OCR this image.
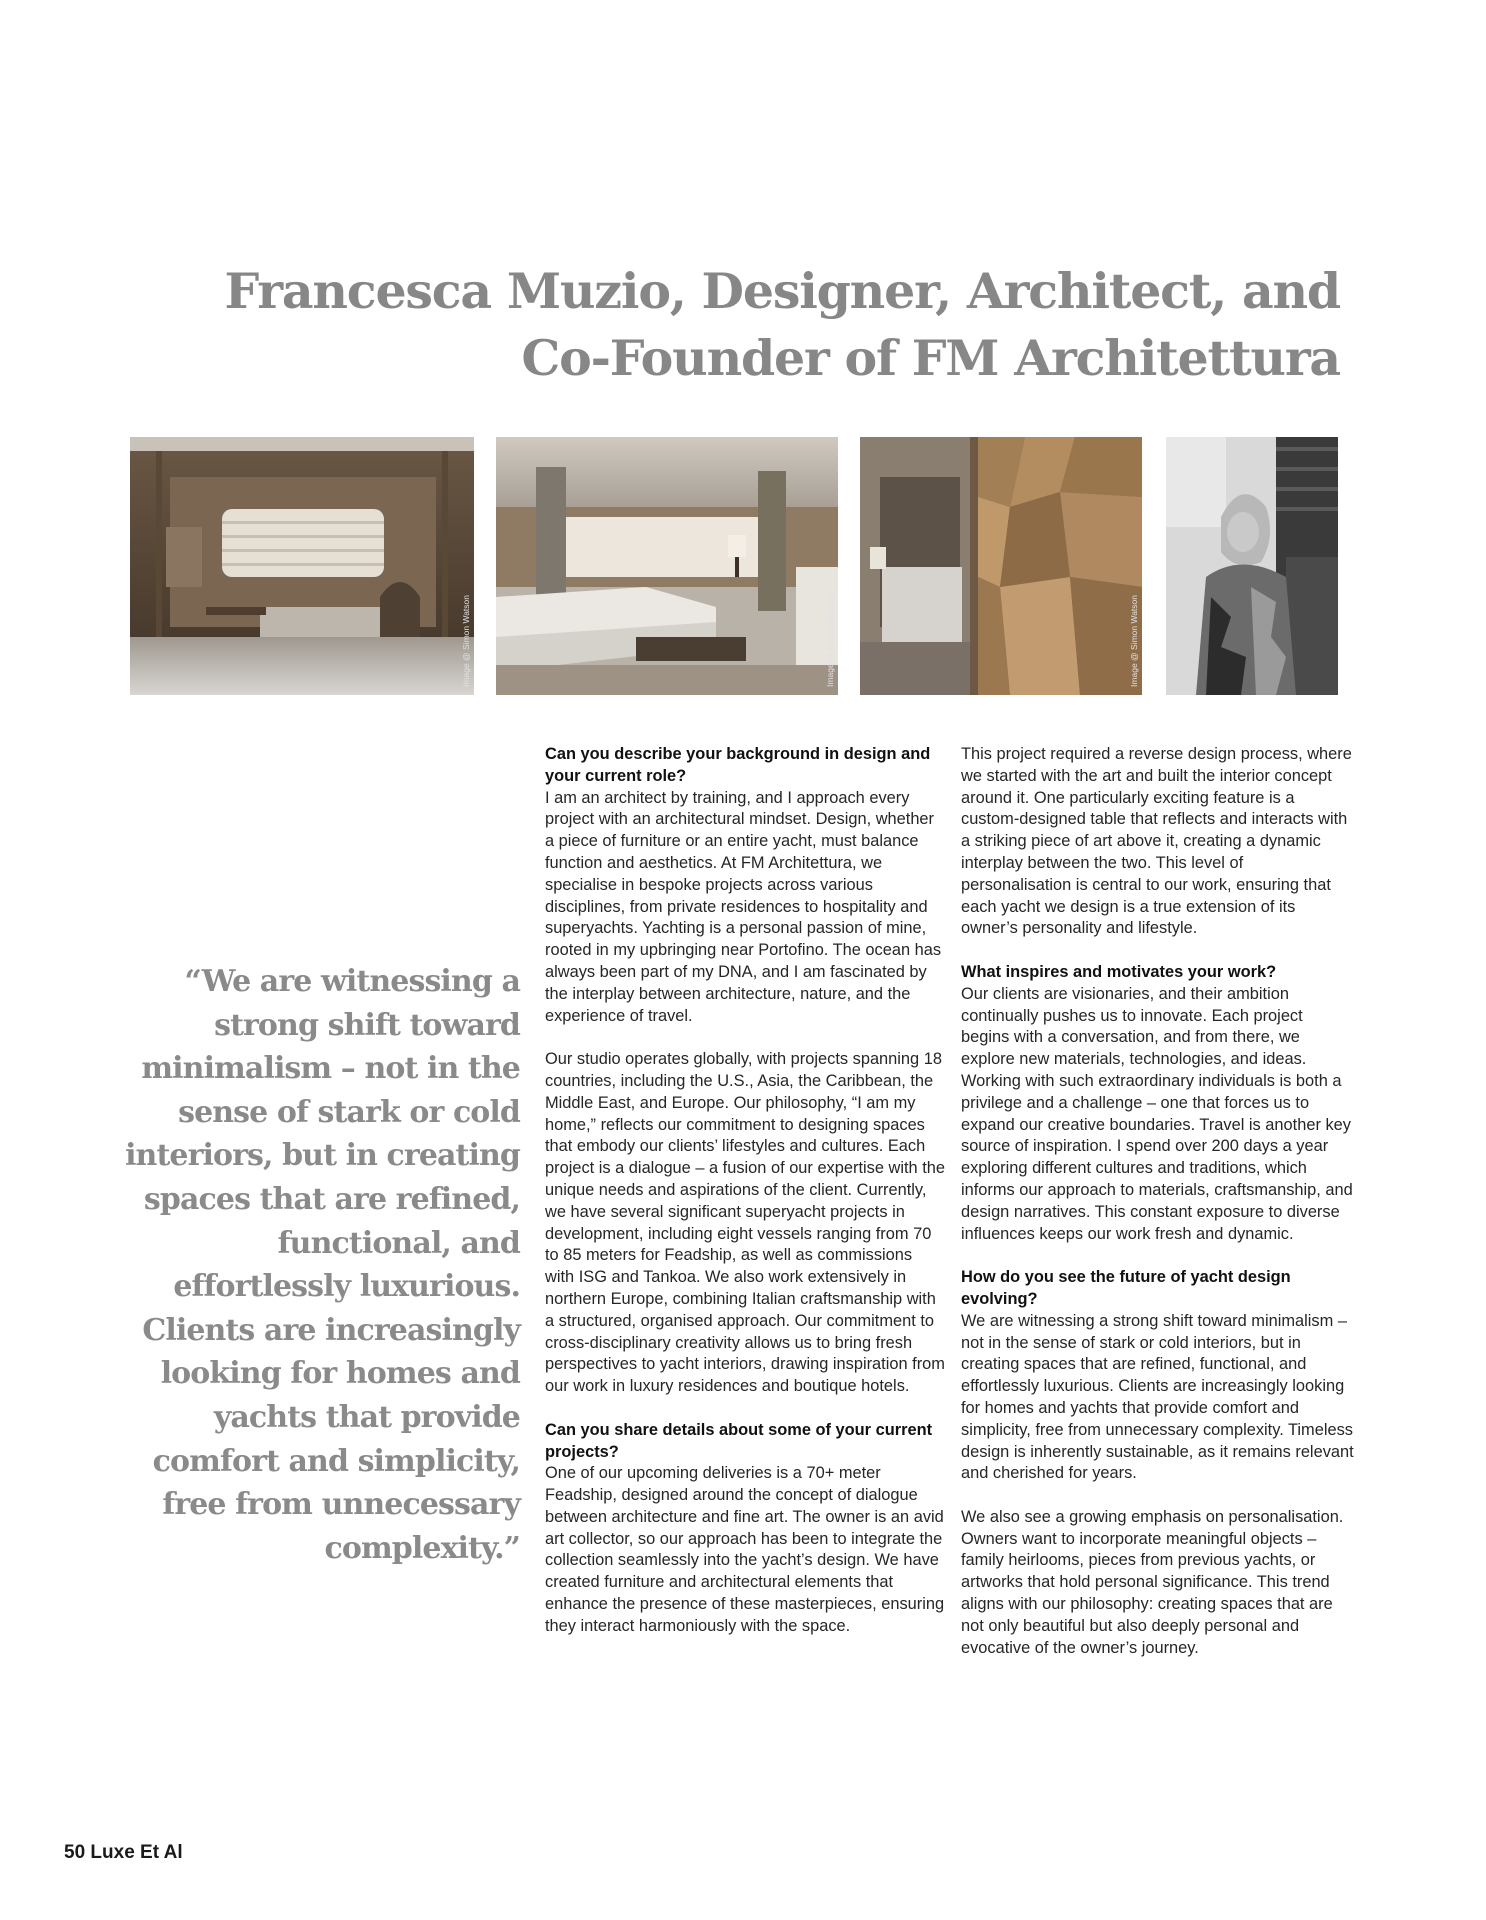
Francesca Muzio, Designer, Architect, and
Co-Founder of FM Architettura
Image @ Simon Watson	Image @ Simon Watson	Image @ Simon Watson

“We are witnessing a strong shift toward minimalism – not in the sense of stark or cold interiors, but in creating spaces that are refined, functional, and effortlessly luxurious. Clients are increasingly looking for homes and yachts that provide comfort and simplicity, free from unnecessary complexity.”

Can you describe your background in design and your current role?

I am an architect by training, and I approach every project with an architectural mindset. Design, whether a piece of furniture or an entire yacht, must balance function and aesthetics. At FM Architettura, we specialise in bespoke projects across various disciplines, from private residences to hospitality and superyachts. Yachting is a personal passion of mine, rooted in my upbringing near Portofino. The ocean has always been part of my DNA, and I am fascinated by the interplay between architecture, nature, and the experience of travel.

Our studio operates globally, with projects spanning 18 countries, including the U.S., Asia, the Caribbean, the Middle East, and Europe. Our philosophy, “I am my home,” reflects our commitment to designing spaces that embody our clients’ lifestyles and cultures. Each project is a dialogue – a fusion of our expertise with the unique needs and aspirations of the client. Currently, we have several significant superyacht projects in development, including eight vessels ranging from 70 to 85 meters for Feadship, as well as commissions with ISG and Tankoa. We also work extensively in northern Europe, combining Italian craftsmanship with a structured, organised approach. Our commitment to cross-disciplinary creativity allows us to bring fresh perspectives to yacht interiors, drawing inspiration from our work in luxury residences and boutique hotels.

Can you share details about some of your current projects?

One of our upcoming deliveries is a 70+ meter Feadship, designed around the concept of dialogue between architecture and fine art. The owner is an avid art collector, so our approach has been to integrate the collection seamlessly into the yacht’s design. We have created furniture and architectural elements that enhance the presence of these masterpieces, ensuring they interact harmoniously with the space.

This project required a reverse design process, where we started with the art and built the interior concept around it. One particularly exciting feature is a custom-designed table that reflects and interacts with a striking piece of art above it, creating a dynamic interplay between the two. This level of personalisation is central to our work, ensuring that each yacht we design is a true extension of its owner’s personality and lifestyle.

What inspires and motivates your work?

Our clients are visionaries, and their ambition continually pushes us to innovate. Each project begins with a conversation, and from there, we explore new materials, technologies, and ideas. Working with such extraordinary individuals is both a privilege and a challenge – one that forces us to expand our creative boundaries. Travel is another key source of inspiration. I spend over 200 days a year exploring different cultures and traditions, which informs our approach to materials, craftsmanship, and design narratives. This constant exposure to diverse influences keeps our work fresh and dynamic.

How do you see the future of yacht design evolving?

We are witnessing a strong shift toward minimalism – not in the sense of stark or cold interiors, but in creating spaces that are refined, functional, and effortlessly luxurious. Clients are increasingly looking for homes and yachts that provide comfort and simplicity, free from unnecessary complexity. Timeless design is inherently sustainable, as it remains relevant and cherished for years.

We also see a growing emphasis on personalisation. Owners want to incorporate meaningful objects – family heirlooms, pieces from previous yachts, or artworks that hold personal significance. This trend aligns with our philosophy: creating spaces that are not only beautiful but also deeply personal and evocative of the owner’s journey.

50 Luxe Et Al
